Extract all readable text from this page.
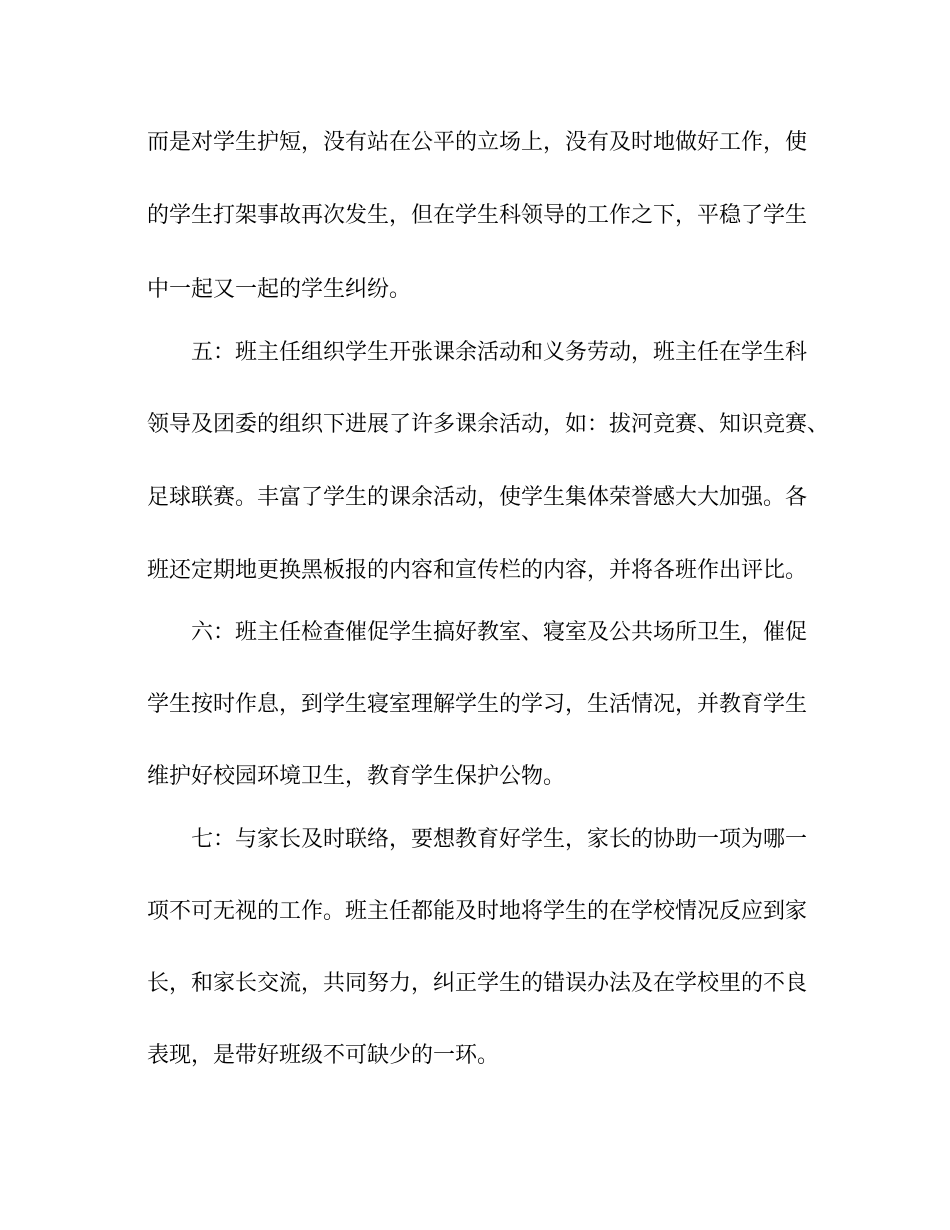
而是对学生护短，没有站在公平的立场上，没有及时地做好工作，使
的学生打架事故再次发生，但在学生科领导的工作之下，平稳了学生
中一起又一起的学生纠纷。
五：班主任组织学生开张课余活动和义务劳动，班主任在学生科
领导及团委的组织下进展了许多课余活动，如：拔河竞赛、知识竞赛、
足球联赛。丰富了学生的课余活动，使学生集体荣誉感大大加强。各
班还定期地更换黑板报的内容和宣传栏的内容，并将各班作出评比。
六：班主任检查催促学生搞好教室、寝室及公共场所卫生，催促
学生按时作息，到学生寝室理解学生的学习，生活情况，并教育学生
维护好校园环境卫生，教育学生保护公物。
七：与家长及时联络，要想教育好学生，家长的协助一项为哪一
项不可无视的工作。班主任都能及时地将学生的在学校情况反应到家
长，和家长交流，共同努力，纠正学生的错误办法及在学校里的不良
表现，是带好班级不可缺少的一环。
